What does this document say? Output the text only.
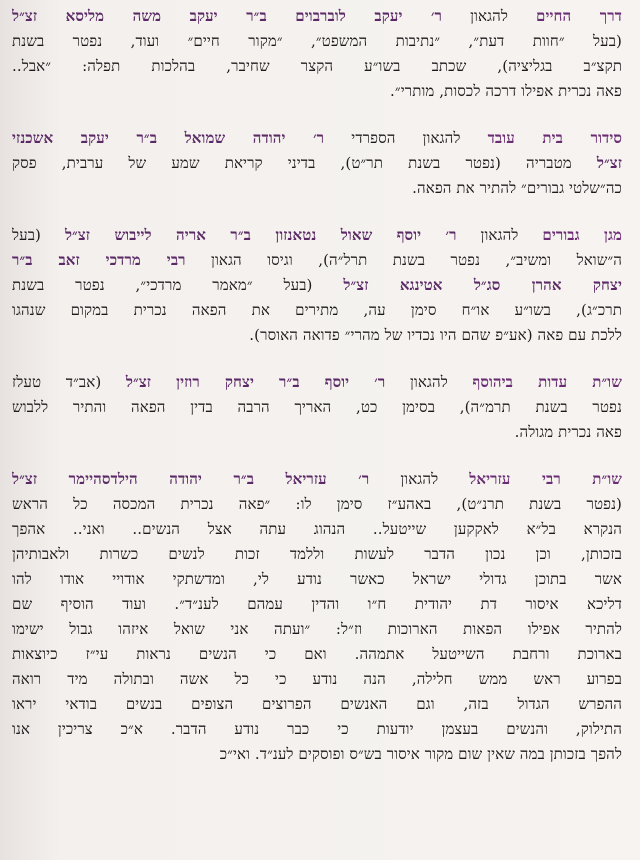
דרך החיים להגאון ר׳ יעקב לוברבוים ב״ר יעקב משה מליסא זצ״ל
(בעל ״חוות דעת״, ״נתיבות המשפט״, ״מקור חיים״ ועוד, נפטר בשנת
תקצ״ב בגליציה), שכתב בשו״ע הקצר שחיבר, בהלכות תפלה: ״אבל..
פאה נכרית אפילו דרכה לכסות, מותרי״.
סידור בית עובד להגאון הספרדי ר׳ יהודה שמואל ב״ר יעקב אשכנזי
זצ״ל מטבריה (נפטר בשנת תר״ט), בדיני קריאת שמע של ערבית, פסק
כה״שלטי גבורים״ להתיר את הפאה.
מגן גבורים להגאון ר׳ יוסף שאול נטאנזון ב״ר אריה לייבוש זצ״ל (בעל
ה״שואל ומשיב״, נפטר בשנת תרל״ה), וגיסו הגאון רבי מרדכי זאב ב״ר
יצחק אהרן סג״ל אטינגא זצ״ל (בעל ״מאמר מרדכי״, נפטר בשנת
תרכ״ג), בשו״ע או״ח סימן עה, מתירים את הפאה נכרית במקום שנהגו
ללכת עם פאה (אע״פ שהם היו נכדיו של מהרי״ פדואה האוסר).
שו״ת עדות ביהוסף להגאון ר׳ יוסף ב״ר יצחק רוזין זצ״ל (אב״ד טעלז
נפטר בשנת תרמ״ה), בסימן כט, האריך הרבה בדין הפאה והתיר ללבוש
פאה נכרית מגולה.
שו״ת רבי עזריאל להגאון ר׳ עזריאל ב״ר יהודה הילדסהיימר זצ״ל
(נפטר בשנת תרנ״ט), באהע״ז סימן לו: ״פאה נכרית המכסה כל הראש
הנקרא בל״א לאקקען שייטעל.. הנהוג עתה אצל הנשים.. ואני.. אהפך
בזכותן, וכן נכון הדבר לעשות וללמד זכות לנשים כשרות ולאבותיהן
אשר בתוכן גדולי ישראל כאשר נודע לי, ומדשתקי אודויי אודו להו
דליכא איסור דת יהודית ח״ו והדין עמהם לענ״ד״. ועוד הוסיף שם
להתיר אפילו הפאות הארוכות וז״ל: ״ועתה אני שואל איזהו גבול ישימו
בארוכת ורחבת השייטעל אתמהה. ואם כי הנשים נראות עי״ז כיוצאות
בפרוע ראש ממש חלילה, הנה נודע כי כל אשה ובתולה מיד רואה
ההפרש הגדול בזה, וגם האנשים הפרוצים הצופים בנשים בודאי יראו
התילוק, והנשים בעצמן יודעות כי כבר נודע הדבר. א״כ צריכין אנו
להפך בזכותן במה שאין שום מקור איסור בש״ס ופוסקים לענ״ד. ואי״כ
